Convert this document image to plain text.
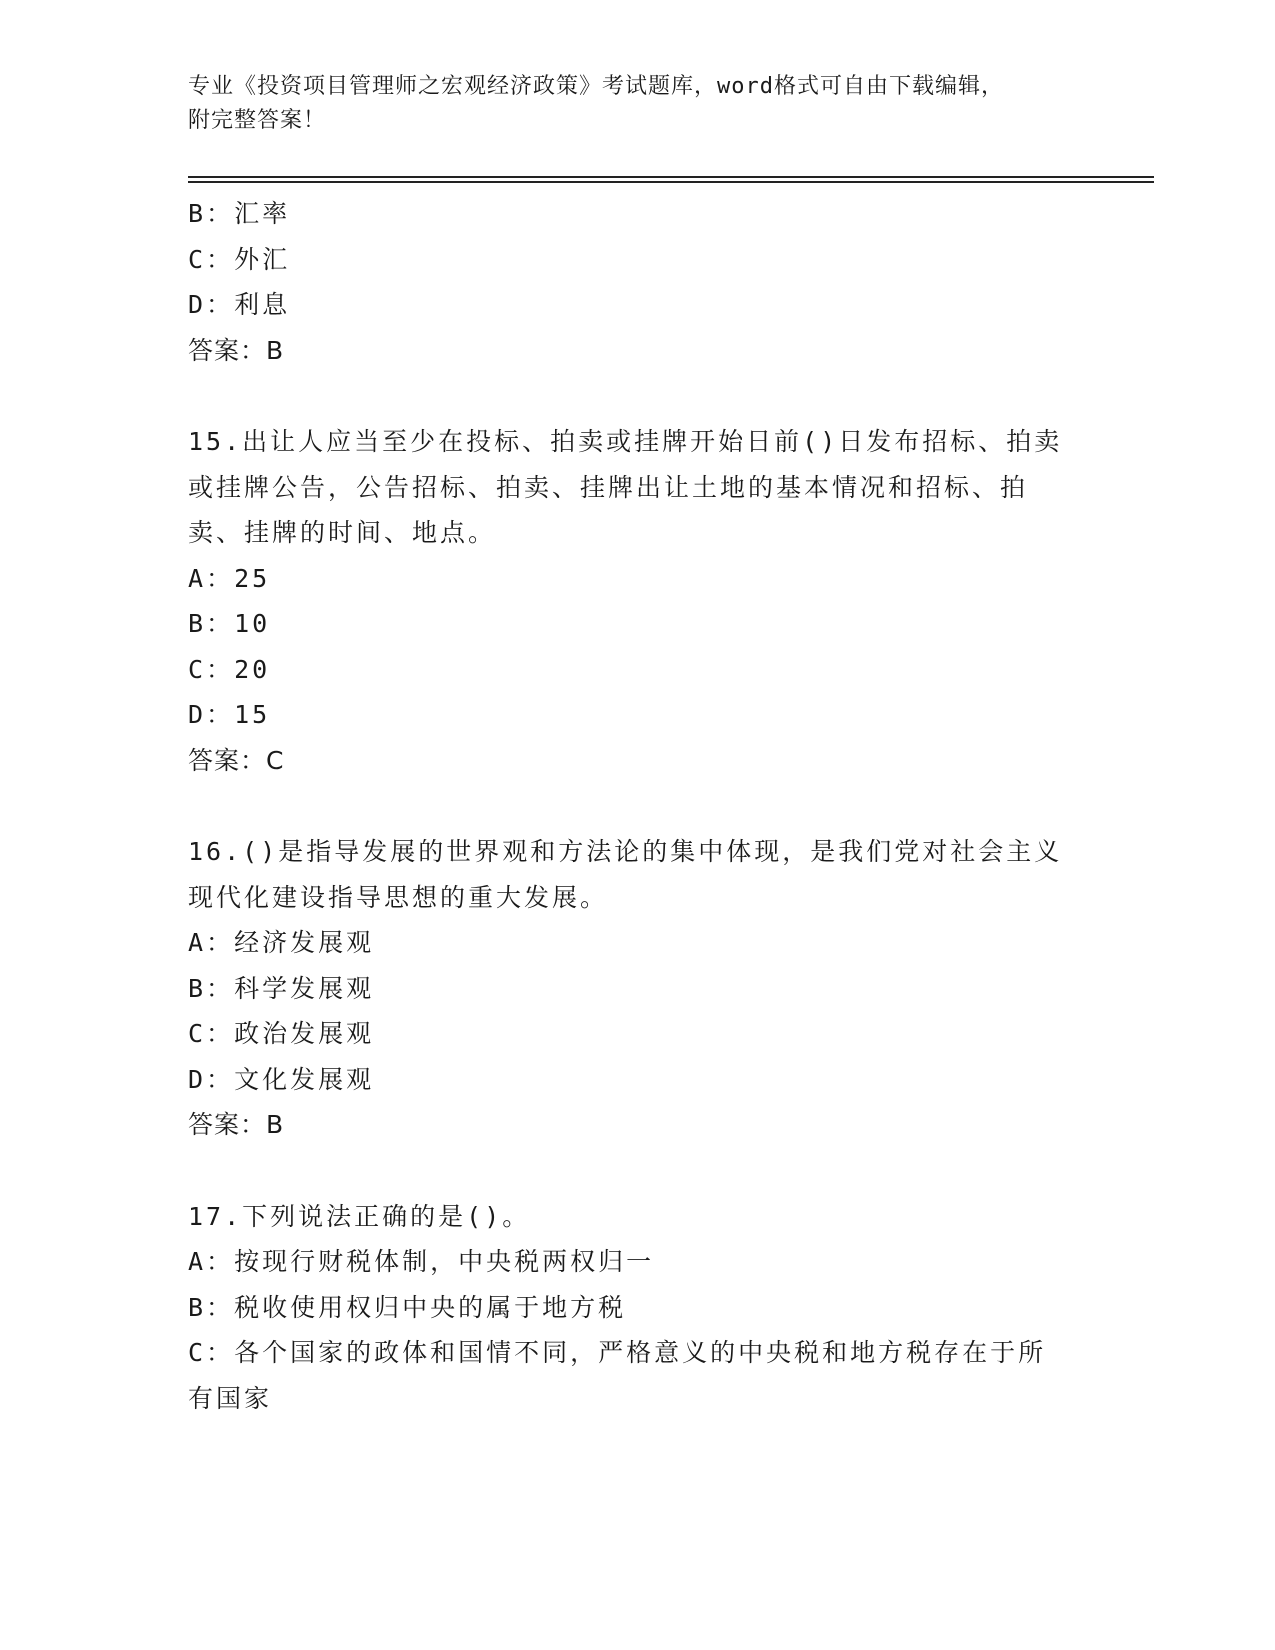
专业《投资项目管理师之宏观经济政策》考试题库，word格式可自由下载编辑，
附完整答案！

B：汇率

C：外汇

D：利息

答案：B

15.出让人应当至少在投标、拍卖或挂牌开始日前()日发布招标、拍卖
或挂牌公告，公告招标、拍卖、挂牌出让土地的基本情况和招标、拍
卖、挂牌的时间、地点。

A：25

B：10

C：20

D：15

答案：C

16.()是指导发展的世界观和方法论的集中体现，是我们党对社会主义
现代化建设指导思想的重大发展。

A：经济发展观

B：科学发展观

C：政治发展观

D：文化发展观

答案：B

17.下列说法正确的是()。

A：按现行财税体制，中央税两权归一

B：税收使用权归中央的属于地方税

C：各个国家的政体和国情不同，严格意义的中央税和地方税存在于所

有国家
